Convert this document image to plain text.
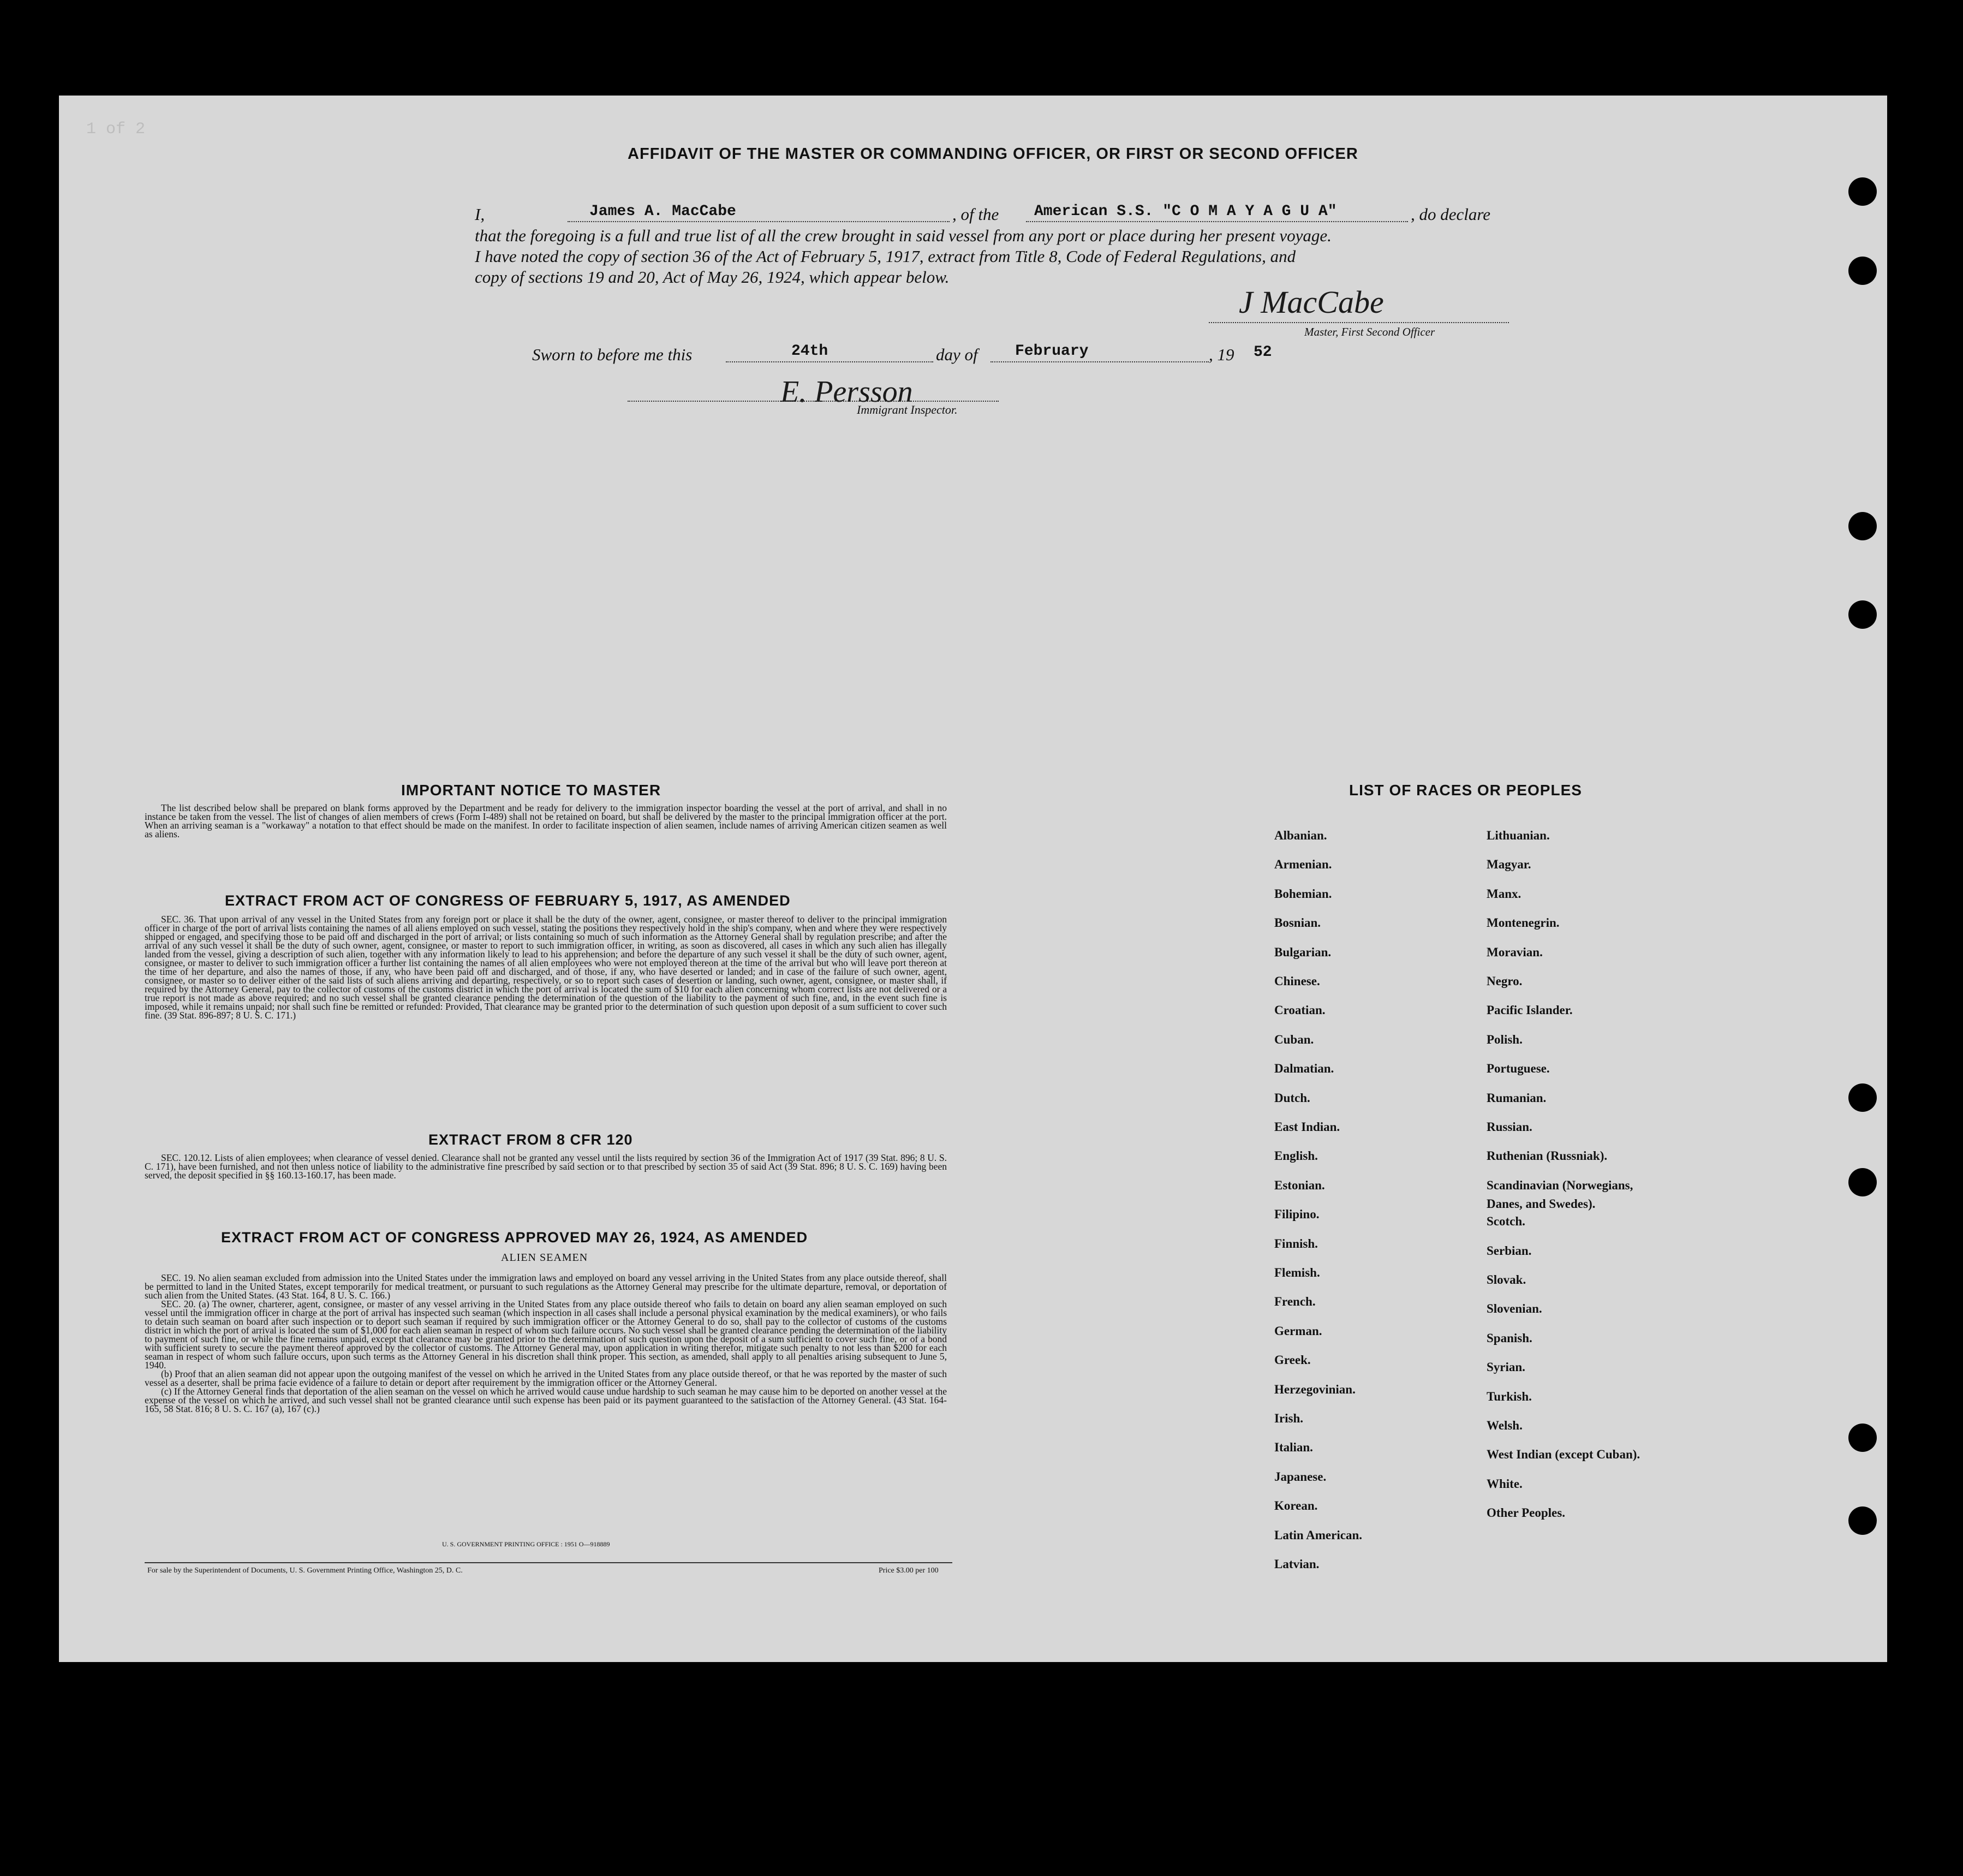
1 of 2
AFFIDAVIT OF THE MASTER OR COMMANDING OFFICER, OR FIRST OR SECOND OFFICER
I,	James A. MacCabe	, of the American S.S. "C O M A Y A G U A"	, do declare
that the foregoing is a full and true list of all the crew brought in said vessel from any port or place during her present voyage.
I have noted the copy of section 36 of the Act of February 5, 1917, extract from Title 8, Code of Federal Regulations, and
copy of sections 19 and 20, Act of May 26, 1924, which appear below.
J MacCabe
Master, First Second Officer
Sworn to before me this	24th	day of February	, 19 52
E. Persson
Immigrant Inspector.
IMPORTANT NOTICE TO MASTER

The list described below shall be prepared on blank forms approved by the Department and be ready for delivery to the immigration inspector boarding the vessel at the port of arrival, and shall in no instance be taken from the vessel. The list of changes of alien members of crews (Form I-489) shall not be retained on board, but shall be delivered by the master to the principal immigration officer at the port. When an arriving seaman is a "workaway" a notation to that effect should be made on the manifest. In order to facilitate inspection of alien seamen, include names of arriving American citizen seamen as well as aliens.

EXTRACT FROM ACT OF CONGRESS OF FEBRUARY 5, 1917, AS AMENDED

SEC. 36. That upon arrival of any vessel in the United States from any foreign port or place it shall be the duty of the owner, agent, consignee, or master thereof to deliver to the principal immigration officer in charge of the port of arrival lists containing the names of all aliens employed on such vessel, stating the positions they respectively hold in the ship's company, when and where they were respectively shipped or engaged, and specifying those to be paid off and discharged in the port of arrival; or lists containing so much of such information as the Attorney General shall by regulation prescribe; and after the arrival of any such vessel it shall be the duty of such owner, agent, consignee, or master to report to such immigration officer, in writing, as soon as discovered, all cases in which any such alien has illegally landed from the vessel, giving a description of such alien, together with any information likely to lead to his apprehension; and before the departure of any such vessel it shall be the duty of such owner, agent, consignee, or master to deliver to such immigration officer a further list containing the names of all alien employees who were not employed thereon at the time of the arrival but who will leave port thereon at the time of her departure, and also the names of those, if any, who have been paid off and discharged, and of those, if any, who have deserted or landed; and in case of the failure of such owner, agent, consignee, or master so to deliver either of the said lists of such aliens arriving and departing, respectively, or so to report such cases of desertion or landing, such owner, agent, consignee, or master shall, if required by the Attorney General, pay to the collector of customs of the customs district in which the port of arrival is located the sum of $10 for each alien concerning whom correct lists are not delivered or a true report is not made as above required; and no such vessel shall be granted clearance pending the determination of the question of the liability to the payment of such fine, and, in the event such fine is imposed, while it remains unpaid; nor shall such fine be remitted or refunded: Provided, That clearance may be granted prior to the determination of such question upon deposit of a sum sufficient to cover such fine. (39 Stat. 896-897; 8 U. S. C. 171.)

EXTRACT FROM 8 CFR 120

SEC. 120.12. Lists of alien employees; when clearance of vessel denied. Clearance shall not be granted any vessel until the lists required by section 36 of the Immigration Act of 1917 (39 Stat. 896; 8 U. S. C. 171), have been furnished, and not then unless notice of liability to the administrative fine prescribed by said section or to that prescribed by section 35 of said Act (39 Stat. 896; 8 U. S. C. 169) having been served, the deposit specified in §§ 160.13-160.17, has been made.

EXTRACT FROM ACT OF CONGRESS APPROVED MAY 26, 1924, AS AMENDED
ALIEN SEAMEN

SEC. 19. No alien seaman excluded from admission into the United States under the immigration laws and employed on board any vessel arriving in the United States from any place outside thereof, shall be permitted to land in the United States, except temporarily for medical treatment, or pursuant to such regulations as the Attorney General may prescribe for the ultimate departure, removal, or deportation of such alien from the United States. (43 Stat. 164, 8 U. S. C. 166.)

SEC. 20. (a) The owner, charterer, agent, consignee, or master of any vessel arriving in the United States from any place outside thereof who fails to detain on board any alien seaman employed on such vessel until the immigration officer in charge at the port of arrival has inspected such seaman (which inspection in all cases shall include a personal physical examination by the medical examiners), or who fails to detain such seaman on board after such inspection or to deport such seaman if required by such immigration officer or the Attorney General to do so, shall pay to the collector of customs of the customs district in which the port of arrival is located the sum of $1,000 for each alien seaman in respect of whom such failure occurs. No such vessel shall be granted clearance pending the determination of the liability to payment of such fine, or while the fine remains unpaid, except that clearance may be granted prior to the determination of such question upon the deposit of a sum sufficient to cover such fine, or of a bond with sufficient surety to secure the payment thereof approved by the collector of customs. The Attorney General may, upon application in writing therefor, mitigate such penalty to not less than $200 for each seaman in respect of whom such failure occurs, upon such terms as the Attorney General in his discretion shall think proper. This section, as amended, shall apply to all penalties arising subsequent to June 5, 1940.

(b) Proof that an alien seaman did not appear upon the outgoing manifest of the vessel on which he arrived in the United States from any place outside thereof, or that he was reported by the master of such vessel as a deserter, shall be prima facie evidence of a failure to detain or deport after requirement by the immigration officer or the Attorney General.

(c) If the Attorney General finds that deportation of the alien seaman on the vessel on which he arrived would cause undue hardship to such seaman he may cause him to be deported on another vessel at the expense of the vessel on which he arrived, and such vessel shall not be granted clearance until such expense has been paid or its payment guaranteed to the satisfaction of the Attorney General. (43 Stat. 164-165, 58 Stat. 816; 8 U. S. C. 167 (a), 167 (c).)

U. S. GOVERNMENT PRINTING OFFICE : 1951 O—918889
For sale by the Superintendent of Documents, U. S. Government Printing Office, Washington 25, D. C.	Price $3.00 per 100
LIST OF RACES OR PEOPLES
Albanian.
Armenian.
Bohemian.
Bosnian.
Bulgarian.
Chinese.
Croatian.
Cuban.
Dalmatian.
Dutch.
East Indian.
English.
Estonian.
Filipino.
Finnish.
Flemish.
French.
German.
Greek.
Herzegovinian.
Irish.
Italian.
Japanese.
Korean.
Latin American.
Latvian.
Lithuanian.
Magyar.
Manx.
Montenegrin.
Moravian.
Negro.
Pacific Islander.
Polish.
Portuguese.
Rumanian.
Russian.
Ruthenian (Russniak).
Scandinavian (Norwegians,
Danes, and Swedes).
Scotch.
Serbian.
Slovak.
Slovenian.
Spanish.
Syrian.
Turkish.
Welsh.
West Indian (except Cuban).
White.
Other Peoples.
